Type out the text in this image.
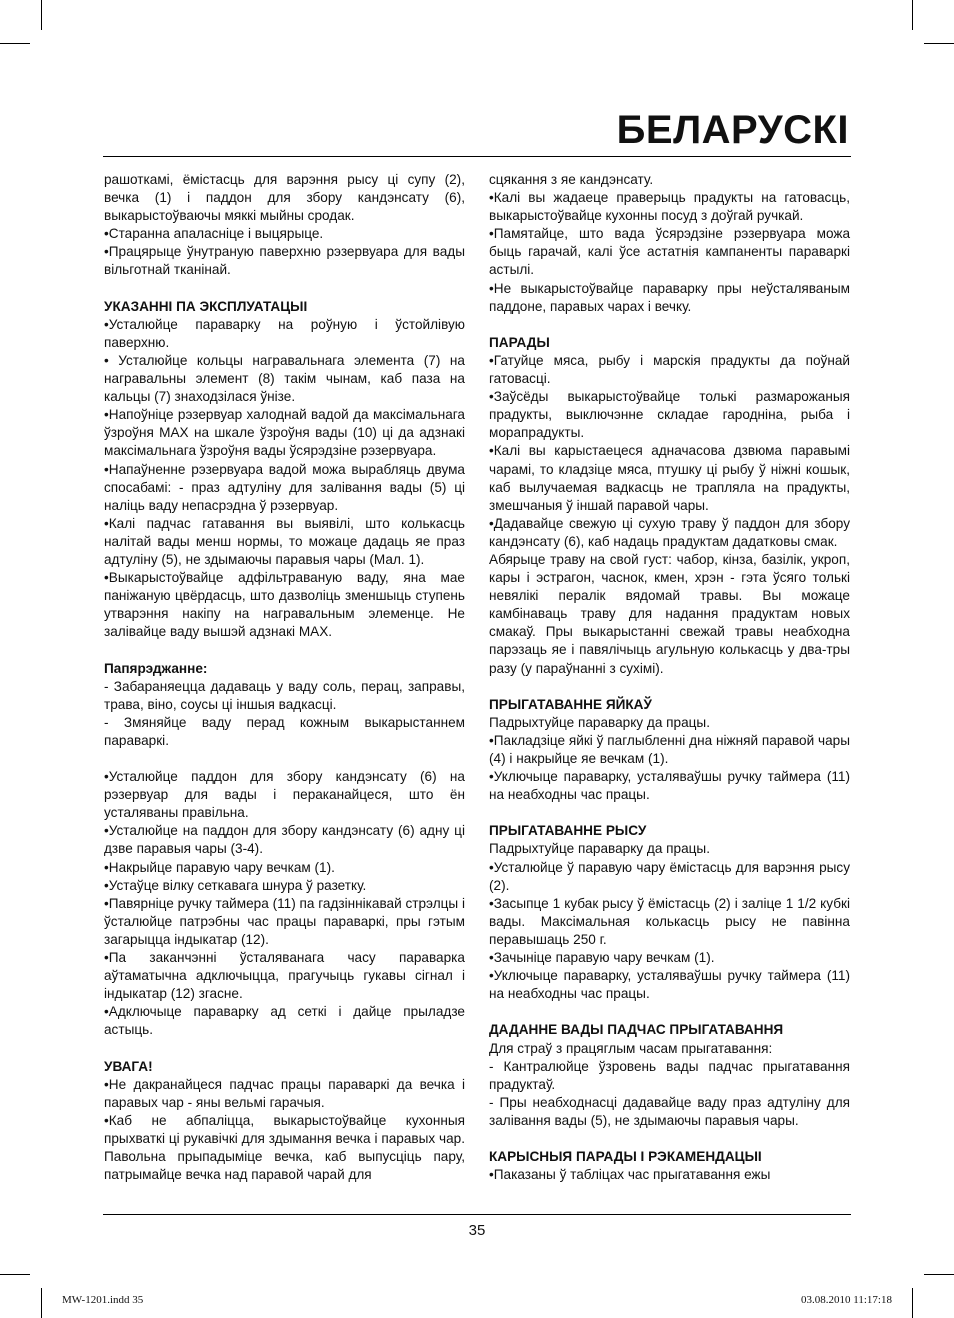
БЕЛАРУСКІ

рашоткамі, ёмістасць для варэння рысу ці супу (2), вечка (1) і паддон для збору кандэнсату (6), выкарыстоўваючы мяккі мыйны сродак.

•Старанна апаласніце і выцярыце.

•Працярыце ўнутраную паверхню рэзервуара для вады вільготнай тканінай.

УКАЗАННІ ПА ЭКСПЛУАТАЦЫІ

•Усталюйце параварку на роўную і ўстойлівую паверхню.

• Усталюйце кольцы награвальнага элемента (7) на награвальны элемент (8) такім чынам, каб паза на кальцы (7) знаходзілася ўнізе.

•Напоўніце рэзервуар халоднай вадой да максімальнага ўзроўня MAX на шкале ўзроўня вады (10) ці да адзнакі максімальнага ўзроўня вады ўсярэдзіне рэзервуара.

•Напаўненне рэзервуара вадой можа вырабляць двума спосабамі: - праз адтуліну для залівання вады (5) ці наліць ваду непасрэдна ў рэзервуар.

•Калі падчас гатавання вы выявілі, што колькасць налітай вады менш нормы, то можаце дадаць яе праз адтуліну (5), не здымаючы паравыя чары (Мал. 1).

•Выкарыстоўвайце адфільтраваную ваду, яна мае паніжаную цвёрдасць, што дазволіць зменшыць ступень утварэння накіпу на награвальным элеменце. Не залівайце ваду вышэй адзнакі MAX.

Папярэджанне:

- Забараняецца дадаваць у ваду соль, перац, заправы, трава, віно, соусы ці іншыя вадкасці.

- Змяняйце ваду перад кожным выкарыстаннем параваркі.

•Усталюйце паддон для збору кандэнсату (6) на рэзервуар для вады і пераканайцеся, што ён усталяваны правільна.

•Усталюйце на паддон для збору кандэнсату (6) адну ці дзве паравыя чары (3-4).

•Накрыйце паравую чару вечкам (1).

•Устаўце вілку сеткавага шнура ў разетку.

•Павярніце ручку таймера (11) па гадзіннікавай стрэлцы і ўсталюйце патрэбны час працы параваркі, пры гэтым загарыцца індыкатар (12).

•Па заканчэнні ўсталяванага часу параварка аўтаматычна адключыцца, прагучыць гукавы сігнал і індыкатар (12) згасне.

•Адключыце параварку ад сеткі і дайце прыладзе астыць.

УВАГА!

•Не дакранайцеся падчас працы параваркі да вечка і паравых чар - яны вельмі гарачыя.

•Каб не абпаліцца, выкарыстоўвайце кухонныя прыхваткі ці рукавічкі для здымання вечка і паравых чар. Павольна прыпадыміце вечка, каб выпусціць пару, патрымайце вечка над паравой чарай для

сцякання з яе кандэнсату.

•Калі вы жадаеце праверыць прадукты на гатовасць, выкарыстоўвайце кухонны посуд з доўгай ручкай.

•Памятайце, што вада ўсярэдзіне рэзервуара можа быць гарачай, калі ўсе астатнія кампаненты параваркі астылі.

•Не выкарыстоўвайце параварку пры неўсталяваным паддоне, паравых чарах і вечку.

ПАРАДЫ

•Гатуйце мяса, рыбу і марскія прадукты да поўнай гатовасці.

•Заўсёды выкарыстоўвайце толькі размарожаныя прадукты, выключэнне складае гароднiна, рыба і морапрадукты.

•Калі вы карыстаецеся адначасова дзвюма паравымі чарамі, то кладзіце мяса, птушку ці рыбу ў ніжні кошык, каб вылучаемая вадкасць не трапляла на прадукты, змешчаныя ў іншай паравой чары.

•Дадавайце свежую ці сухую траву ў паддон для збору кандэнсату (6), каб надаць прадуктам дадатковы смак.

Абярыце траву на свой густ: чабор, кінза, базілік, укроп, кары і эстрагон, часнок, кмен, хрэн - гэта ўсяго толькі невялікі пералік вядомай травы. Вы можаце камбінаваць траву для надання прадуктам новых смакаў. Пры выкарыстанні свежай травы неабходна парэзаць яе і павялічыць агульную колькасць у два-тры разу (у параўнанні з сухімі).

ПРЫГАТАВАННЕ ЯЙКАЎ

Падрыхтуйце параварку да працы.

•Пакладзіце яйкі ў паглыбленні дна ніжняй паравой чары (4) і накрыйце яе вечкам (1).

•Уключыце параварку, усталяваўшы ручку таймера (11) на неабходны час працы.

ПРЫГАТАВАННЕ РЫСУ

Падрыхтуйце параварку да працы.

•Усталюйце ў паравую чару ёмістасць для варэння рысу (2).

•Засыпце 1 кубак рысу ў ёмістасць (2) і заліце 1 1/2 кубкі вады. Максімальная колькасць рысу не павінна перавышаць 250 г.

•Зачыніце паравую чару вечкам (1).

•Уключыце параварку, усталяваўшы ручку таймера (11) на неабходны час працы.

ДАДАННЕ ВАДЫ ПАДЧАС ПРЫГАТАВАННЯ

Для страў з працяглым часам прыгатавання:

- Кантралюйце ўзровень вады падчас прыгатавання прадуктаў.

- Пры неабходнасці дадавайце ваду праз адтуліну для залівання вады (5), не здымаючы паравыя чары.

КАРЫСНЫЯ ПАРАДЫ І РЭКАМЕНДАЦЫІ

•Паказаны ў табліцах час прыгатавання ежы

35
MW-1201.indd 35	03.08.2010 11:17:18
